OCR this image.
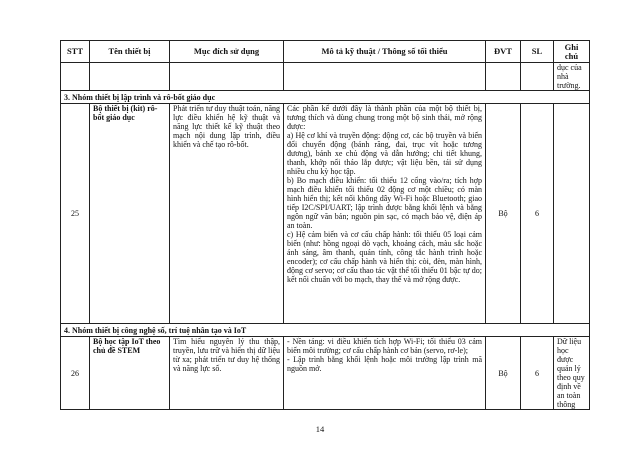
STT	Tên thiết bị	Mục đích sử dụng	Mô tả kỹ thuật / Thông số tối thiểu	ĐVT	SL	Ghi chú
						dục của nhà trường.
3. Nhóm thiết bị lập trình và rô-bốt giáo dục						
25	Bộ thiết bị (kit) rô-bốt giáo dục	Phát triển tư duy thuật toán, năng lực điều khiển hệ kỹ thuật và năng lực thiết kế kỹ thuật theo mạch nội dung lập trình, điều khiển và chế tạo rô-bốt.	Các phần kể dưới đây là thành phần của một bộ thiết bị, tương thích và dùng chung trong một bộ sinh thái, mở rộng được:
a) Hệ cơ khí và truyền động: động cơ, các bộ truyền và biến đổi chuyển động (bánh răng, đai, trục vít hoặc tương đương), bánh xe chủ động và dẫn hướng; chi tiết khung, thanh, khớp nối tháo lắp được; vật liệu bền, tái sử dụng nhiều chu kỳ học tập.
b) Bo mạch điều khiển: tối thiểu 12 cổng vào/ra; tích hợp mạch điều khiển tối thiểu 02 động cơ một chiều; có màn hình hiển thị; kết nối không dây Wi-Fi hoặc Bluetooth; giao tiếp I2C/SPI/UART; lập trình được bằng khối lệnh và bằng ngôn ngữ văn bản; nguồn pin sạc, có mạch bảo vệ, điện áp an toàn.
c) Hệ cảm biến và cơ cấu chấp hành: tối thiểu 05 loại cảm biến (như: hồng ngoại dò vạch, khoảng cách, màu sắc hoặc ánh sáng, âm thanh, quán tính, công tắc hành trình hoặc encoder); cơ cấu chấp hành và hiển thị: còi, đèn, màn hình, động cơ servo; cơ cấu thao tác vật thể tối thiểu 01 bậc tự do; kết nối chuẩn với bo mạch, thay thế và mở rộng được.	Bộ	6	
4. Nhóm thiết bị công nghệ số, trí tuệ nhân tạo và IoT						
26	Bộ học tập IoT theo chủ đề STEM	Tìm hiểu nguyên lý thu thập, truyền, lưu trữ và hiển thị dữ liệu từ xa; phát triển tư duy hệ thống và năng lực số.	- Nền tảng: vi điều khiển tích hợp Wi-Fi; tối thiểu 03 cảm biến môi trường; cơ cấu chấp hành cơ bản (servo, rơ-le);
- Lập trình bằng khối lệnh hoặc môi trường lập trình mã nguồn mở.	Bộ	6	Dữ liệu học được quản lý theo quy định về an toàn thông
14
